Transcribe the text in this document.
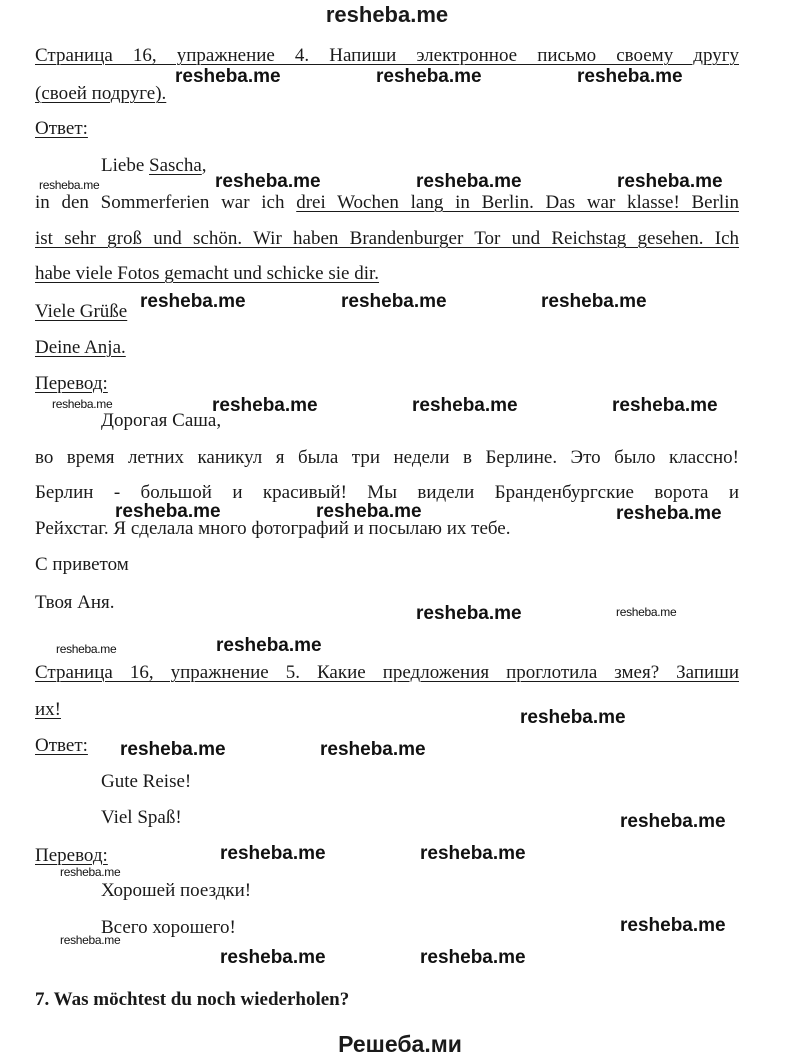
resheba.me
Страница 16, упражнение 4. Напиши электронное письмо своему другу
(своей подруге).
Ответ:
Liebe Sascha,
in den Sommerferien war ich drei Wochen lang in Berlin. Das war klasse! Berlin
ist sehr groß und schön. Wir haben Brandenburger Tor und Reichstag gesehen. Ich
habe viele Fotos gemacht und schicke sie dir.
Viele Grüße
Deine Anja.
Перевод:
Дорогая Саша,
во время летних каникул я была три недели в Берлине. Это было классно!
Берлин - большой и красивый! Мы видели Бранденбургские ворота и
Рейхстаг. Я сделала много фотографий и посылаю их тебе.
С приветом
Твоя Аня.
Страница 16, упражнение 5. Какие предложения проглотила змея? Запиши
их!
Ответ:
Gute Reise!
Viel Spaß!
Перевод:
Хорошей поездки!
Всего хорошего!
7. Was möchtest du noch wiederholen?
Решеба.ми
resheba.me	resheba.me	resheba.me
resheba.me	resheba.me	resheba.me
resheba.me	resheba.me	resheba.me
resheba.me	resheba.me	resheba.me
resheba.me	resheba.me	resheba.me
resheba.me
resheba.me
resheba.me
resheba.me	resheba.me
resheba.me
resheba.me	resheba.me
resheba.me
resheba.me	resheba.me
resheba.me
resheba.me
resheba.me
resheba.me
resheba.me
resheba.me
